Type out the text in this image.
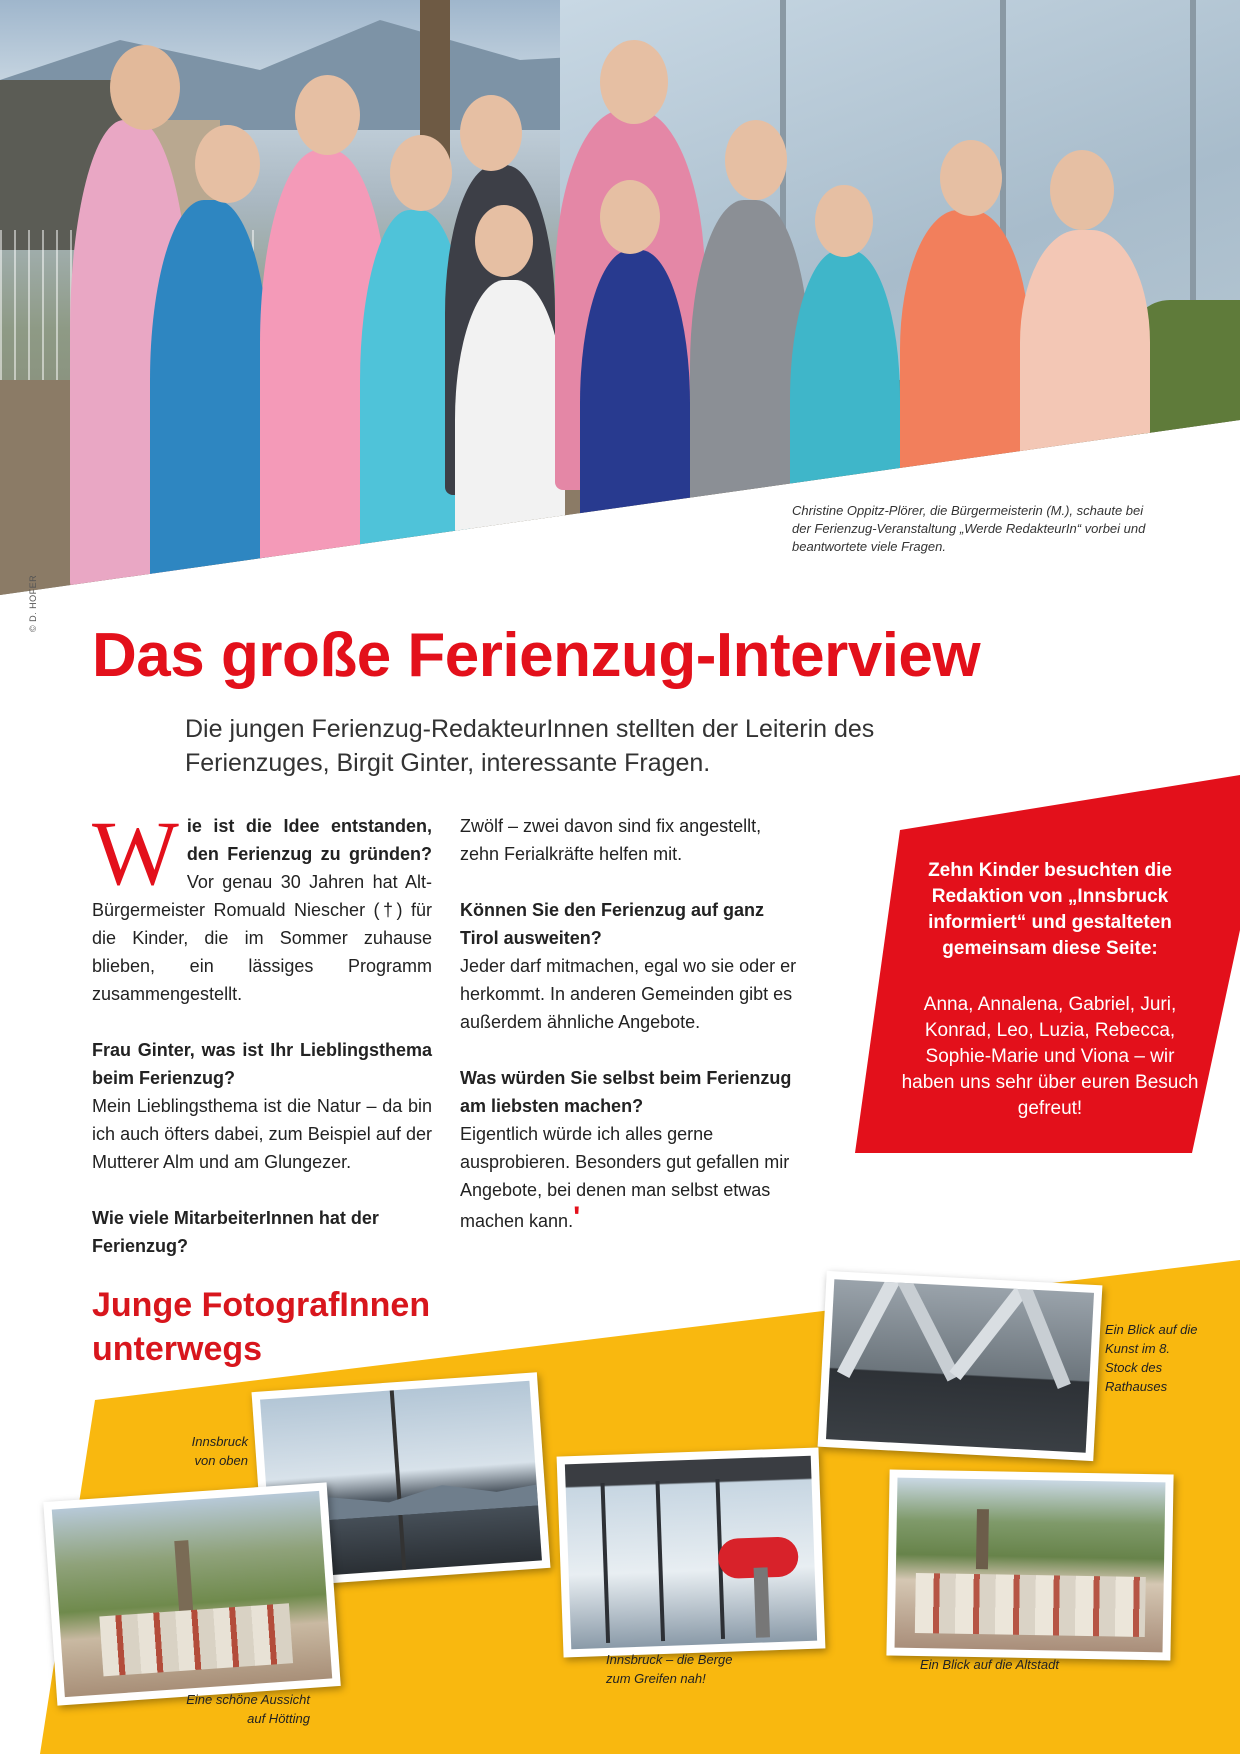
Christine Oppitz-Plörer, die Bürgermeisterin (M.), schaute bei der Ferienzug-Veranstaltung „Werde RedakteurIn“ vorbei und beantwortete viele Fragen.
© D. HOFER
Das große Ferienzug-Interview
Die jungen Ferienzug-RedakteurInnen stellten der Leiterin des Ferienzuges, Birgit Ginter, interessante Fragen.

W ie ist die Idee entstanden, den Ferienzug zu gründen? Vor genau 30 Jahren hat Alt-Bürgermeister Romuald Niescher (†) für die Kinder, die im Sommer zuhause blieben, ein lässiges Programm zusammengestellt.

Frau Ginter, was ist Ihr Lieblingsthema beim Ferienzug?
Mein Lieblingsthema ist die Natur – da bin ich auch öfters dabei, zum Beispiel auf der Mutterer Alm und am Glungezer.

Wie viele MitarbeiterInnen hat der Ferienzug?

Zwölf – zwei davon sind fix angestellt, zehn Ferialkräfte helfen mit.

Können Sie den Ferienzug auf ganz Tirol ausweiten?
Jeder darf mitmachen, egal wo sie oder er herkommt. In anderen Gemeinden gibt es außerdem ähnliche Angebote.

Was würden Sie selbst beim Ferienzug am liebsten machen?
Eigentlich würde ich alles gerne ausprobieren. Besonders gut gefallen mir Angebote, bei denen man selbst etwas machen kann.'

Zehn Kinder besuchten die Redaktion von „Innsbruck informiert“ und gestalteten gemeinsam diese Seite:
Anna, Annalena, Gabriel, Juri, Konrad, Leo, Luzia, Rebecca, Sophie-Marie und Viona – wir haben uns sehr über euren Besuch gefreut!
Junge FotografInnen unterwegs
Ein Blick auf die Kunst im 8. Stock des Rathauses
Innsbruck von oben
Eine schöne Aussicht auf Hötting
Innsbruck – die Berge zum Greifen nah!
Ein Blick auf die Altstadt
